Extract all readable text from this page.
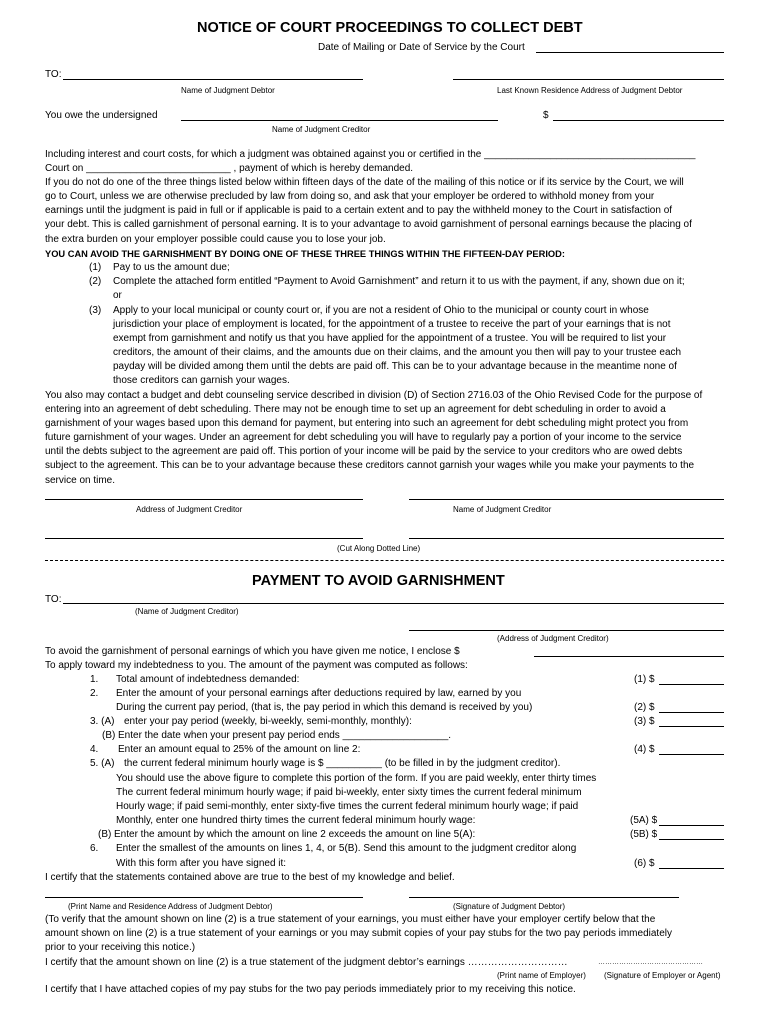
NOTICE OF COURT PROCEEDINGS TO COLLECT DEBT
Date of Mailing or Date of Service by the Court
TO:
Name of Judgment Debtor	Last Known Residence Address of Judgment Debtor
You owe the undersigned	$
Name of Judgment Creditor
Including interest and court costs, for which a judgment was obtained against you or certified in the ______________________________________
Court on __________________________ , payment of which is hereby demanded.
If you do not do one of the three things listed below within fifteen days of the date of the mailing of this notice or if its service by the Court, we will
go to Court, unless we are otherwise precluded by law from doing so, and ask that your employer be ordered to withhold money from your
earnings until the judgment is paid in full or if applicable is paid to a certain extent and to pay the withheld money to the Court in satisfaction of
your debt. This is called garnishment of personal earning. It is to your advantage to avoid garnishment of personal earnings because the placing of
the extra burden on your employer possible could cause you to lose your job.
YOU CAN AVOID THE GARNISHMENT BY DOING ONE OF THESE THREE THINGS WITHIN THE FIFTEEN-DAY PERIOD:
(1) Pay to us the amount due;
(2) Complete the attached form entitled “Payment to Avoid Garnishment” and return it to us with the payment, if any, shown due on it;
or
(3) Apply to your local municipal or county court or, if you are not a resident of Ohio to the municipal or county court in whose
jurisdiction your place of employment is located, for the appointment of a trustee to receive the part of your earnings that is not
exempt from garnishment and notify us that you have applied for the appointment of a trustee. You will be required to list your
creditors, the amount of their claims, and the amounts due on their claims, and the amount you then will pay to your trustee each
payday will be divided among them until the debts are paid off. This can be to your advantage because in the meantime none of
those creditors can garnish your wages.
You also may contact a budget and debt counseling service described in division (D) of Section 2716.03 of the Ohio Revised Code for the purpose of
entering into an agreement of debt scheduling. There may not be enough time to set up an agreement for debt scheduling in order to avoid a
garnishment of your wages based upon this demand for payment, but entering into such an agreement for debt scheduling might protect you from
future garnishment of your wages. Under an agreement for debt scheduling you will have to regularly pay a portion of your income to the service
until the debts subject to the agreement are paid off. This portion of your income will be paid by the service to your creditors who are owed debts
subject to the agreement. This can be to your advantage because these creditors cannot garnish your wages while you make your payments to the
service on time.
Address of Judgment Creditor	Name of Judgment Creditor
(Cut Along Dotted Line)
PAYMENT TO AVOID GARNISHMENT
TO:
(Name of Judgment Creditor)
(Address of Judgment Creditor)
To avoid the garnishment of personal earnings of which you have given me notice, I enclose $
To apply toward my indebtedness to you. The amount of the payment was computed as follows:
1. Total amount of indebtedness demanded:	(1) $
2. Enter the amount of your personal earnings after deductions required by law, earned by you
During the current pay period, (that is, the pay period in which this demand is received by you)	(2) $
3. (A) enter your pay period (weekly, bi-weekly, semi-monthly, monthly):	(3) $
(B) Enter the date when your present pay period ends ___________________.
4. Enter an amount equal to 25% of the amount on line 2:	(4) $
5. (A) the current federal minimum hourly wage is $ __________ (to be filled in by the judgment creditor).
You should use the above figure to complete this portion of the form. If you are paid weekly, enter thirty times
The current federal minimum hourly wage; if paid bi-weekly, enter sixty times the current federal minimum
Hourly wage; if paid semi-monthly, enter sixty-five times the current federal minimum hourly wage; if paid
Monthly, enter one hundred thirty times the current federal minimum hourly wage:	(5A) $
(B) Enter the amount by which the amount on line 2 exceeds the amount on line 5(A):	(5B) $
6. Enter the smallest of the amounts on lines 1, 4, or 5(B). Send this amount to the judgment creditor along
With this form after you have signed it:	(6) $
I certify that the statements contained above are true to the best of my knowledge and belief.
(Print Name and Residence Address of Judgment Debtor)	(Signature of Judgment Debtor)
(To verify that the amount shown on line (2) is a true statement of your earnings, you must either have your employer certify below that the
amount shown on line (2) is a true statement of your earnings or you may submit copies of your pay stubs for the two pay periods immediately
prior to your receiving this notice.)
I certify that the amount shown on line (2) is a true statement of the judgment debtor’s earnings …………………………	………………………………………
(Print name of Employer) (Signature of Employer or Agent)
I certify that I have attached copies of my pay stubs for the two pay periods immediately prior to my receiving this notice.
